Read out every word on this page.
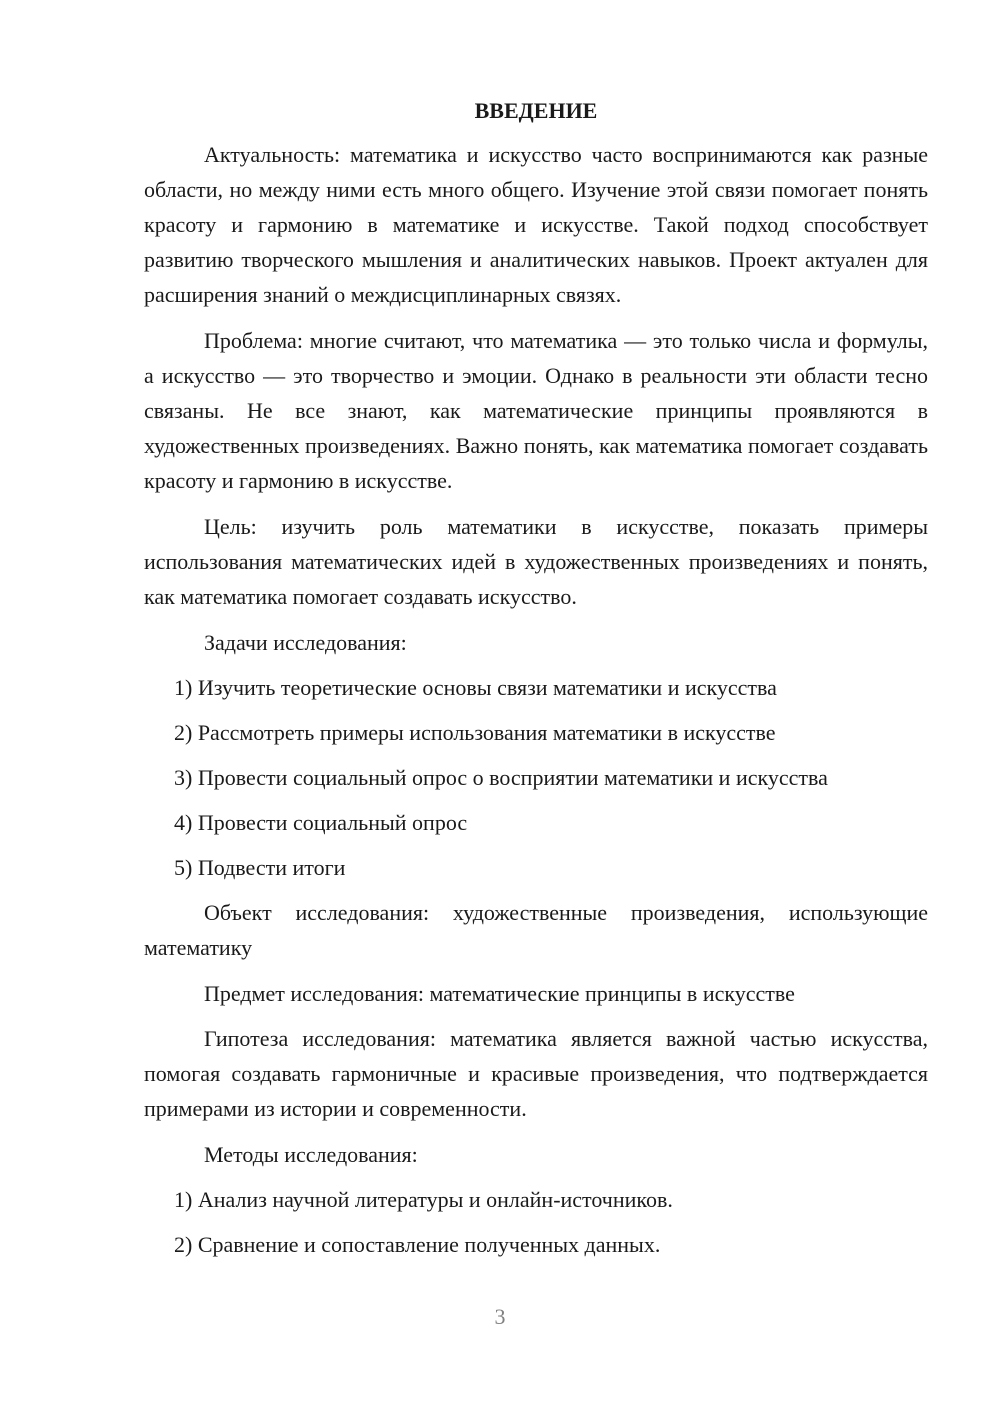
ВВЕДЕНИЕ

Актуальность: математика и искусство часто воспринимаются как разные области, но между ними есть много общего. Изучение этой связи помогает понять красоту и гармонию в математике и искусстве. Такой подход способствует развитию творческого мышления и аналитических навыков. Проект актуален для расширения знаний о междисциплинарных связях.

Проблема: многие считают, что математика — это только числа и формулы, а искусство — это творчество и эмоции. Однако в реальности эти области тесно связаны. Не все знают, как математические принципы проявляются в художественных произведениях. Важно понять, как математика помогает создавать красоту и гармонию в искусстве.

Цель: изучить роль математики в искусстве, показать примеры использования математических идей в художественных произведениях и понять, как математика помогает создавать искусство.

Задачи исследования:

1) Изучить теоретические основы связи математики и искусства
2) Рассмотреть примеры использования математики в искусстве
3) Провести социальный опрос о восприятии математики и искусства
4) Провести социальный опрос
5) Подвести итоги

Объект исследования: художественные произведения, использующие математику

Предмет исследования: математические принципы в искусстве

Гипотеза исследования: математика является важной частью искусства, помогая создавать гармоничные и красивые произведения, что подтверждается примерами из истории и современности.

Методы исследования:

1) Анализ научной литературы и онлайн-источников.
2) Сравнение и сопоставление полученных данных.
3
